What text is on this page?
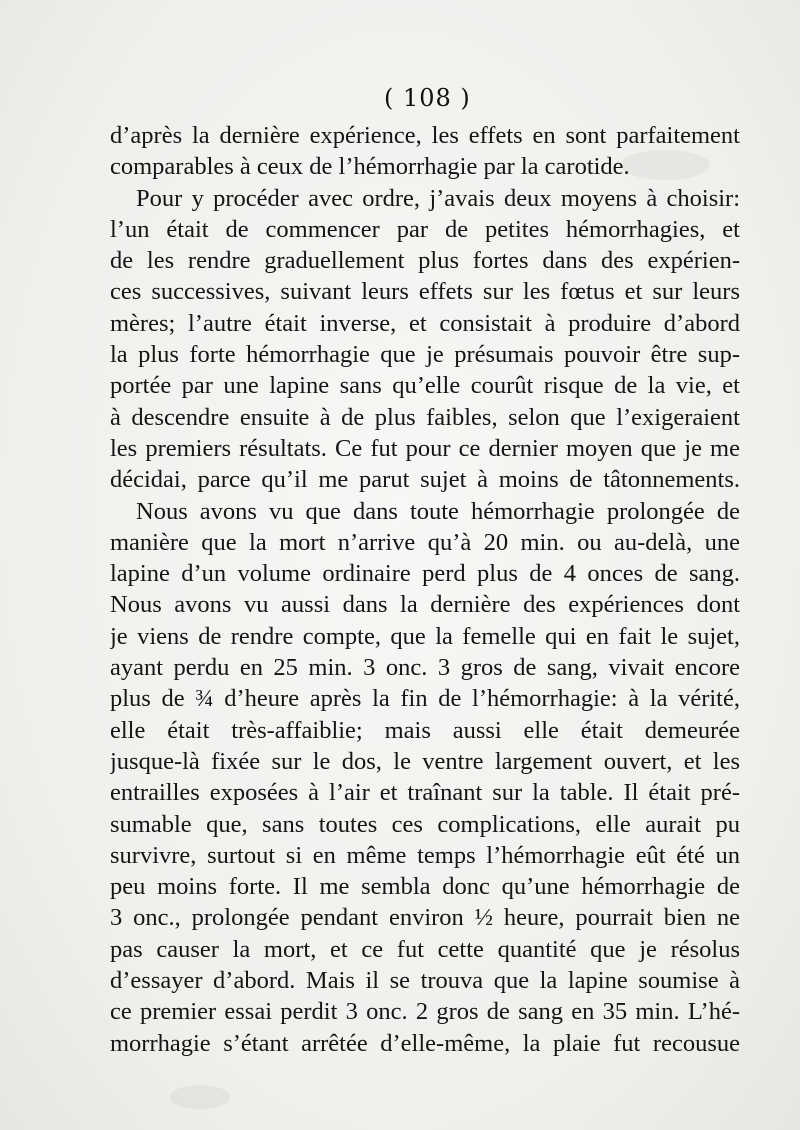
( 108 )
d’après la dernière expérience, les effets en sont parfaitement
comparables à ceux de l’hémorrhagie par la carotide.
Pour y procéder avec ordre, j’avais deux moyens à choisir:
l’un était de commencer par de petites hémorrhagies, et
de les rendre graduellement plus fortes dans des expérien-
ces successives, suivant leurs effets sur les fœtus et sur leurs
mères; l’autre était inverse, et consistait à produire d’abord
la plus forte hémorrhagie que je présumais pouvoir être sup-
portée par une lapine sans qu’elle courût risque de la vie, et
à descendre ensuite à de plus faibles, selon que l’exigeraient
les premiers résultats. Ce fut pour ce dernier moyen que je me
décidai, parce qu’il me parut sujet à moins de tâtonnements.
Nous avons vu que dans toute hémorrhagie prolongée de
manière que la mort n’arrive qu’à 20 min. ou au-delà, une
lapine d’un volume ordinaire perd plus de 4 onces de sang.
Nous avons vu aussi dans la dernière des expériences dont
je viens de rendre compte, que la femelle qui en fait le sujet,
ayant perdu en 25 min. 3 onc. 3 gros de sang, vivait encore
plus de ¾ d’heure après la fin de l’hémorrhagie: à la vérité,
elle était très-affaiblie; mais aussi elle était demeurée
jusque-là fixée sur le dos, le ventre largement ouvert, et les
entrailles exposées à l’air et traînant sur la table. Il était pré-
sumable que, sans toutes ces complications, elle aurait pu
survivre, surtout si en même temps l’hémorrhagie eût été un
peu moins forte. Il me sembla donc qu’une hémorrhagie de
3 onc., prolongée pendant environ ½ heure, pourrait bien ne
pas causer la mort, et ce fut cette quantité que je résolus
d’essayer d’abord. Mais il se trouva que la lapine soumise à
ce premier essai perdit 3 onc. 2 gros de sang en 35 min. L’hé-
morrhagie s’étant arrêtée d’elle-même, la plaie fut recousue
